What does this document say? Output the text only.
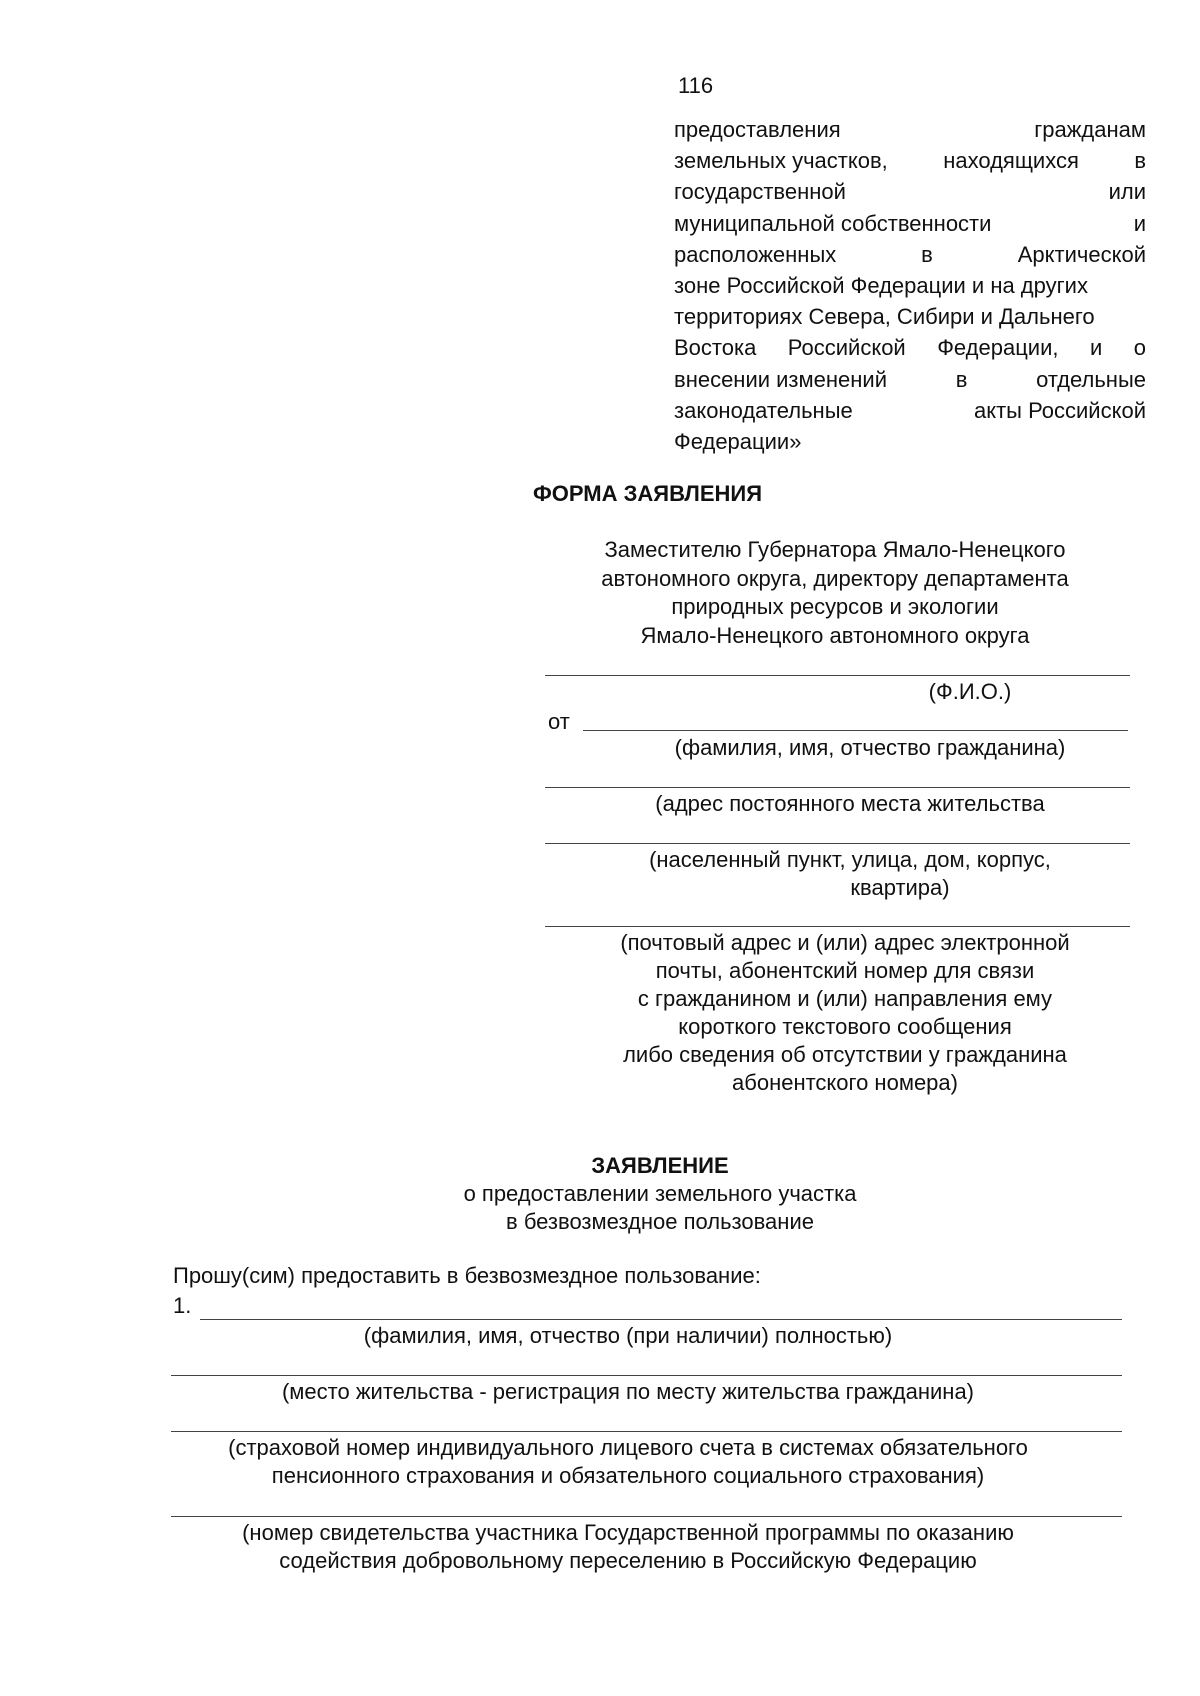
116
предоставления	гражданам
земельных участков,	находящихся	в
государственной	или
муниципальной собственности	и
расположенных	в	Арктической
зоне Российской Федерации и на других
территориях Севера, Сибири и Дальнего
Востока Российской Федерации, и о
внесении изменений	в	отдельные
законодательные	акты Российской
Федерации»
ФОРМА ЗАЯВЛЕНИЯ
Заместителю Губернатора Ямало-Ненецкого
автономного округа, директору департамента
природных ресурсов и экологии
Ямало-Ненецкого автономного округа
(Ф.И.О.)
от
(фамилия, имя, отчество гражданина)
(адрес постоянного места жительства
(населенный пункт, улица, дом, корпус,
квартира)
(почтовый адрес и (или) адрес электронной
почты, абонентский номер для связи
с гражданином и (или) направления ему
короткого текстового сообщения
либо сведения об отсутствии у гражданина
абонентского номера)
ЗАЯВЛЕНИЕ
о предоставлении земельного участка
в безвозмездное пользование
Прошу(сим) предоставить в безвозмездное пользование:
1.
(фамилия, имя, отчество (при наличии) полностью)
(место жительства - регистрация по месту жительства гражданина)
(страховой номер индивидуального лицевого счета в системах обязательного
пенсионного страхования и обязательного социального страхования)
(номер свидетельства участника Государственной программы по оказанию
содействия добровольному переселению в Российскую Федерацию
